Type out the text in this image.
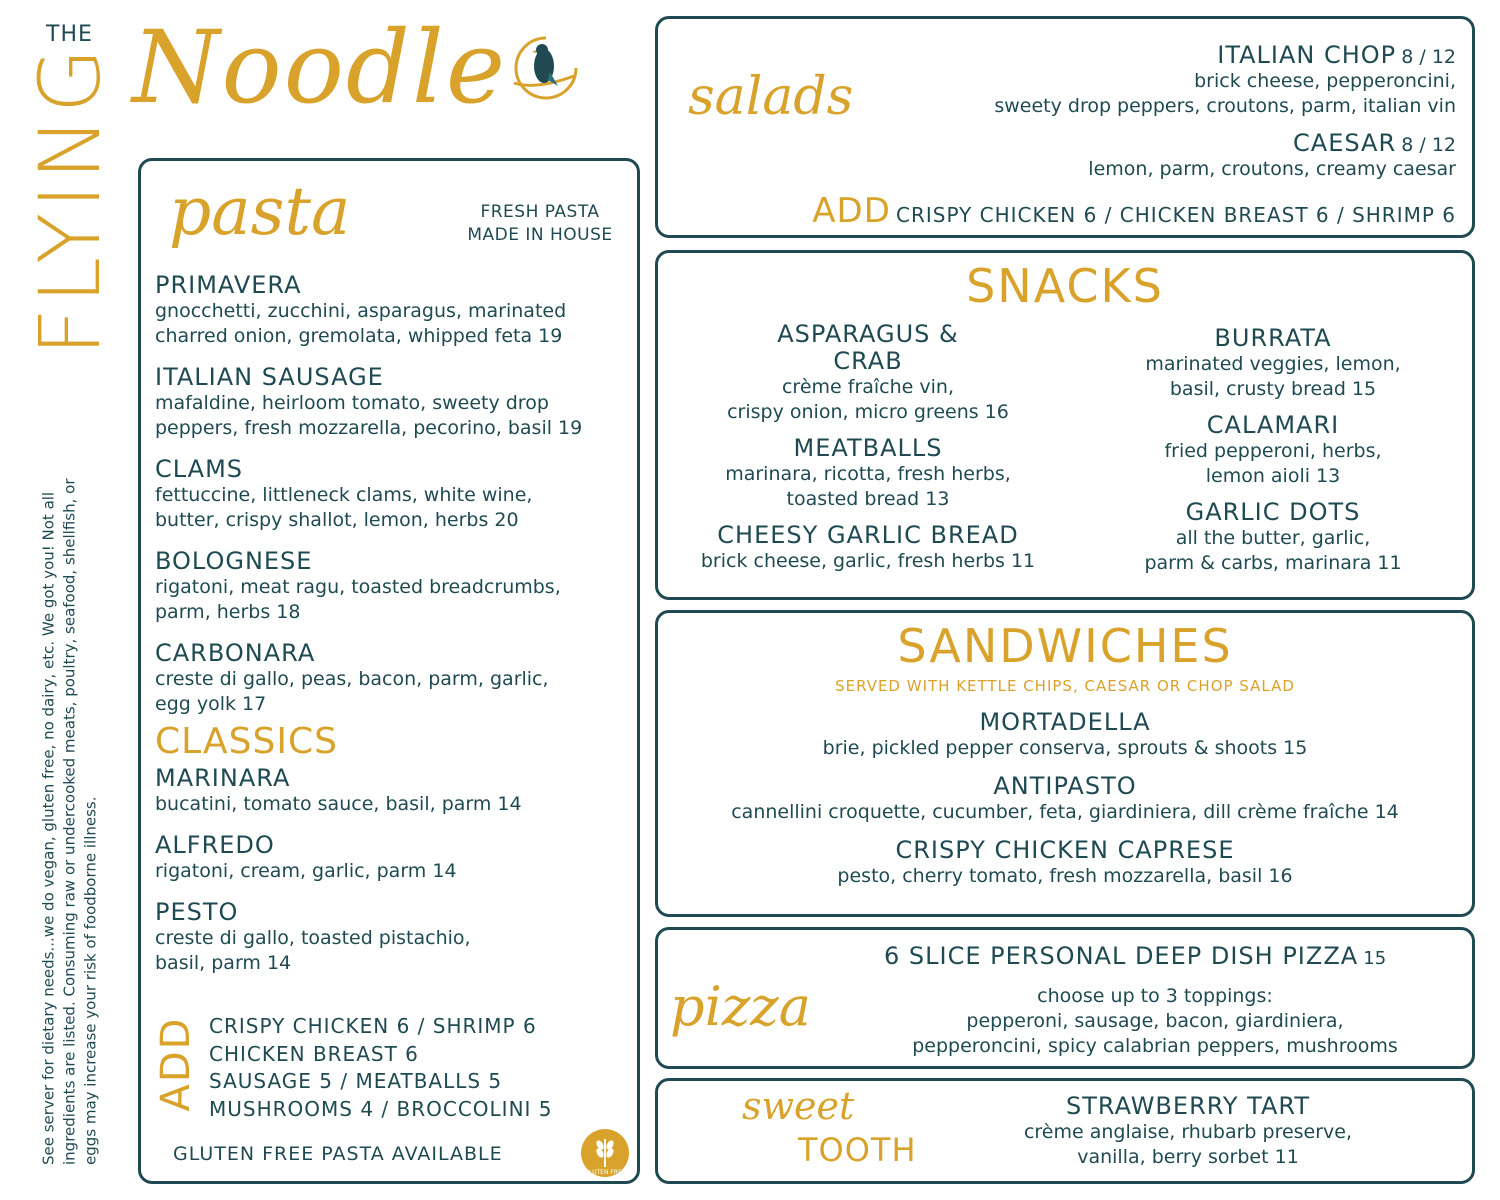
THE
FLYING Noodle
See server for dietary needs...we do vegan, gluten free, no dairy, etc. We got you! Not all ingredients are listed. Consuming raw or undercooked meats, poultry, seafood, shellfish, or eggs may increase your risk of foodborne illness.
pasta	FRESH PASTA
MADE IN HOUSE
PRIMAVERA
gnocchetti, zucchini, asparagus, marinated
charred onion, gremolata, whipped feta 19
ITALIAN SAUSAGE
mafaldine, heirloom tomato, sweety drop
peppers, fresh mozzarella, pecorino, basil 19
CLAMS
fettuccine, littleneck clams, white wine,
butter, crispy shallot, lemon, herbs 20
BOLOGNESE
rigatoni, meat ragu, toasted breadcrumbs,
parm, herbs 18
CARBONARA
creste di gallo, peas, bacon, parm, garlic,
egg yolk 17
CLASSICS
MARINARA
bucatini, tomato sauce, basil, parm 14
ALFREDO
rigatoni, cream, garlic, parm 14
PESTO
creste di gallo, toasted pistachio,
basil, parm 14
ADD CRISPY CHICKEN 6 / SHRIMP 6
CHICKEN BREAST 6
SAUSAGE 5 / MEATBALLS 5
MUSHROOMS 4 / BROCCOLINI 5
GLUTEN FREE PASTA AVAILABLE
GLUTEN FREE
salads
ITALIAN CHOP 8 / 12
brick cheese, pepperoncini,
sweety drop peppers, croutons, parm, italian vin
CAESAR 8 / 12
lemon, parm, croutons, creamy caesar
ADD CRISPY CHICKEN 6 / CHICKEN BREAST 6 / SHRIMP 6
SNACKS
ASPARAGUS &
CRAB
crème fraîche vin,
crispy onion, micro greens 16
MEATBALLS
marinara, ricotta, fresh herbs,
toasted bread 13
CHEESY GARLIC BREAD
brick cheese, garlic, fresh herbs 11
BURRATA
marinated veggies, lemon,
basil, crusty bread 15
CALAMARI
fried pepperoni, herbs,
lemon aioli 13
GARLIC DOTS
all the butter, garlic,
parm & carbs, marinara 11
SANDWICHES
SERVED WITH KETTLE CHIPS, CAESAR OR CHOP SALAD
MORTADELLA
brie, pickled pepper conserva, sprouts & shoots 15
ANTIPASTO
cannellini croquette, cucumber, feta, giardiniera, dill crème fraîche 14
CRISPY CHICKEN CAPRESE
pesto, cherry tomato, fresh mozzarella, basil 16
pizza
6 SLICE PERSONAL DEEP DISH PIZZA 15
choose up to 3 toppings:
pepperoni, sausage, bacon, giardiniera,
pepperoncini, spicy calabrian peppers, mushrooms
sweet
TOOTH
STRAWBERRY TART
crème anglaise, rhubarb preserve,
vanilla, berry sorbet 11
